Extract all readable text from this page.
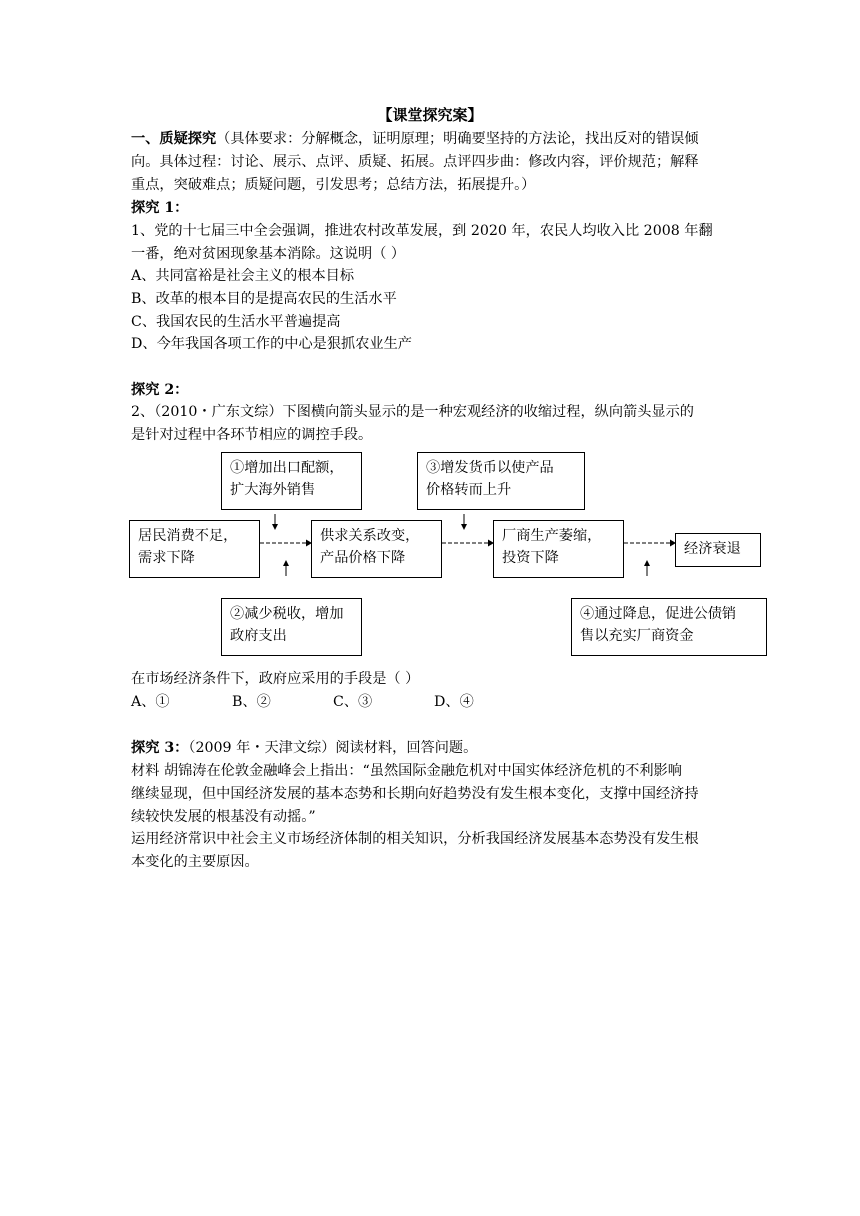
【课堂探究案】
一、质疑探究（具体要求：分解概念，证明原理；明确要坚持的方法论，找出反对的错误倾
向。具体过程：讨论、展示、点评、质疑、拓展。点评四步曲：修改内容，评价规范；解释
重点，突破难点；质疑问题，引发思考；总结方法，拓展提升。）
探究 1：
1、党的十七届三中全会强调，推进农村改革发展，到 2020 年，农民人均收入比 2008 年翻
一番，绝对贫困现象基本消除。这说明（ ）
A、共同富裕是社会主义的根本目标
B、改革的根本目的是提高农民的生活水平
C、我国农民的生活水平普遍提高
D、今年我国各项工作的中心是狠抓农业生产
探究 2：
2、（2010・广东文综）下图横向箭头显示的是一种宏观经济的收缩过程，纵向箭头显示的
是针对过程中各环节相应的调控手段。
①增加出口配额，
扩大海外销售
③增发货币以使产品
价格转而上升
居民消费不足，
需求下降
供求关系改变，
产品价格下降
厂商生产萎缩，
投资下降
经济衰退
②减少税收，增加
政府支出
④通过降息，促进公债销
售以充实厂商资金
在市场经济条件下，政府应采用的手段是（ ）
A、①	B、②	C、③	D、④
探究 3：（2009 年・天津文综）阅读材料，回答问题。
材料 胡锦涛在伦敦金融峰会上指出：“虽然国际金融危机对中国实体经济危机的不利影响
继续显现，但中国经济发展的基本态势和长期向好趋势没有发生根本变化，支撑中国经济持
续较快发展的根基没有动摇。”
运用经济常识中社会主义市场经济体制的相关知识，分析我国经济发展基本态势没有发生根
本变化的主要原因。
